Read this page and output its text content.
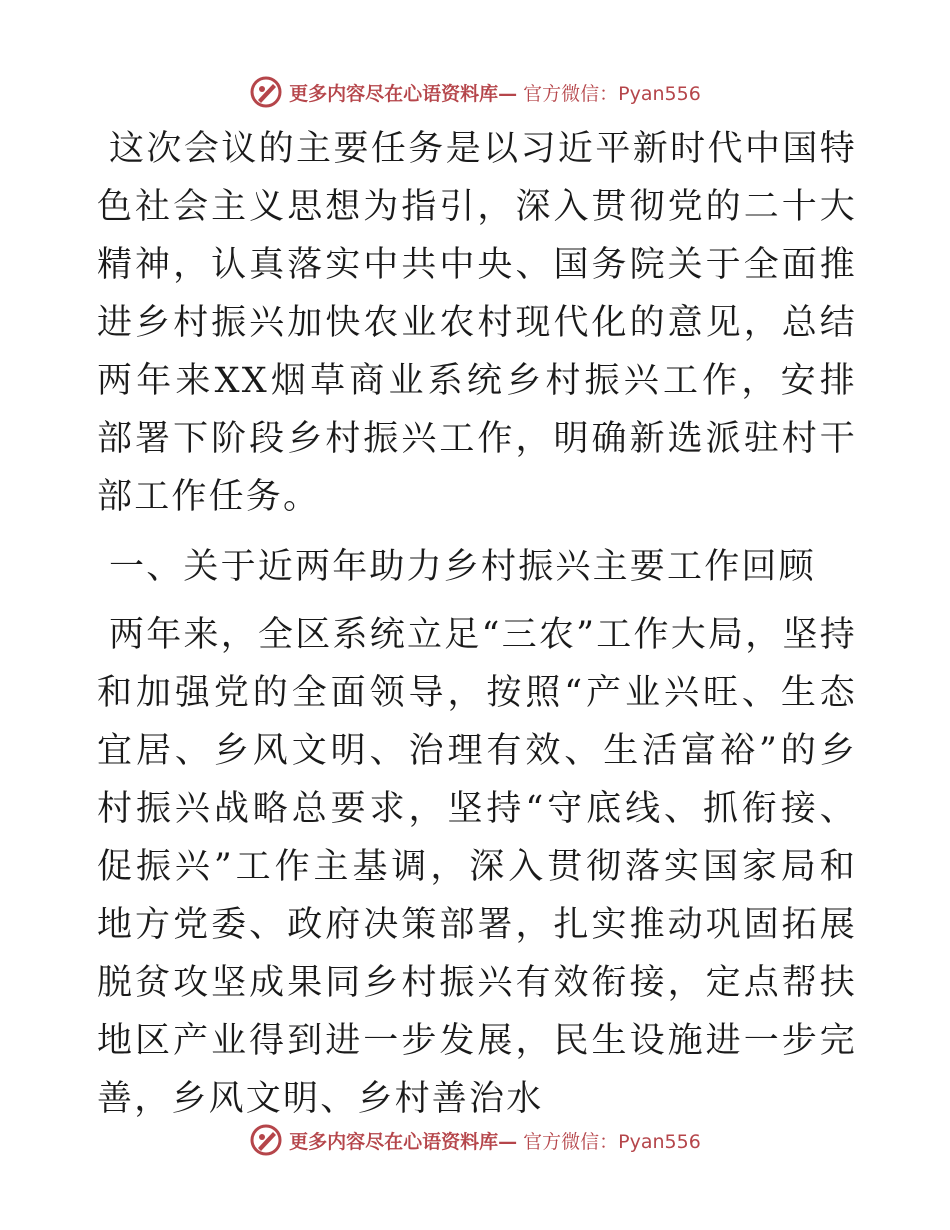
更多内容尽在心语资料库— 官方微信：Pyan556

这次会议的主要任务是以习近平新时代中国特色社会主义思想为指引，深入贯彻党的二十大精神，认真落实中共中央、国务院关于全面推进乡村振兴加快农业农村现代化的意见，总结两年来XX烟草商业系统乡村振兴工作，安排部署下阶段乡村振兴工作，明确新选派驻村干部工作任务。

一、关于近两年助力乡村振兴主要工作回顾

两年来，全区系统立足“三农”工作大局，坚持和加强党的全面领导，按照“产业兴旺、生态宜居、乡风文明、治理有效、生活富裕”的乡村振兴战略总要求，坚持“守底线、抓衔接、促振兴”工作主基调，深入贯彻落实国家局和地方党委、政府决策部署，扎实推动巩固拓展脱贫攻坚成果同乡村振兴有效衔接，定点帮扶地区产业得到进一步发展，民生设施进一步完善，乡风文明、乡村善治水

更多内容尽在心语资料库— 官方微信：Pyan556
